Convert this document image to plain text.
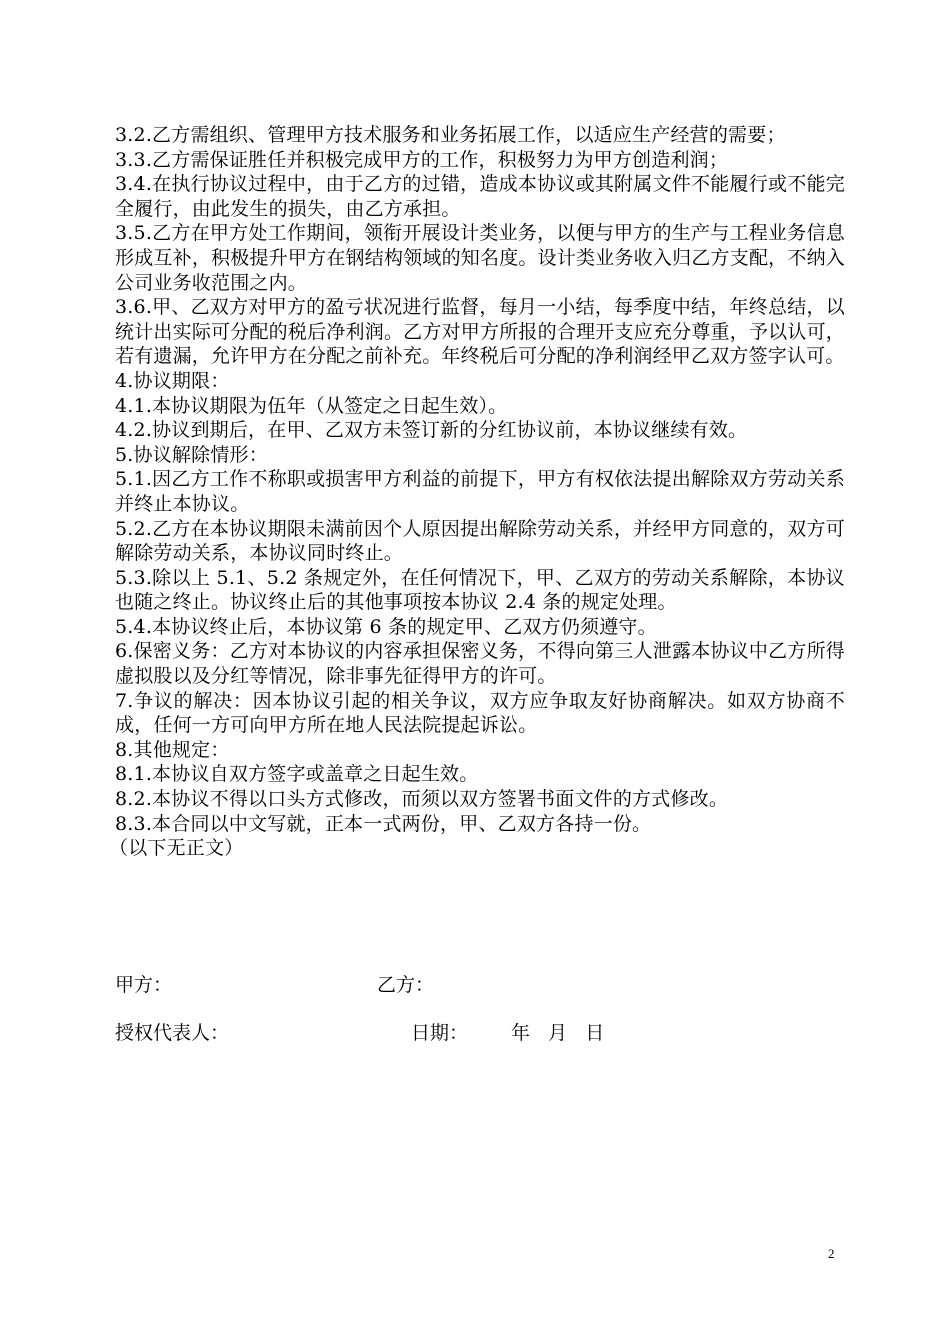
3.2.乙方需组织、管理甲方技术服务和业务拓展工作，以适应生产经营的需要；

3.3.乙方需保证胜任并积极完成甲方的工作，积极努力为甲方创造利润；

3.4.在执行协议过程中，由于乙方的过错，造成本协议或其附属文件不能履行或不能完全履行，由此发生的损失，由乙方承担。

3.5.乙方在甲方处工作期间，领衔开展设计类业务，以便与甲方的生产与工程业务信息形成互补，积极提升甲方在钢结构领域的知名度。设计类业务收入归乙方支配，不纳入公司业务收范围之内。

3.6.甲、乙双方对甲方的盈亏状况进行监督，每月一小结，每季度中结，年终总结，以统计出实际可分配的税后净利润。乙方对甲方所报的合理开支应充分尊重，予以认可，若有遗漏，允许甲方在分配之前补充。年终税后可分配的净利润经甲乙双方签字认可。

4.协议期限：

4.1.本协议期限为伍年（从签定之日起生效）。

4.2.协议到期后，在甲、乙双方未签订新的分红协议前，本协议继续有效。

5.协议解除情形：

5.1.因乙方工作不称职或损害甲方利益的前提下，甲方有权依法提出解除双方劳动关系并终止本协议。

5.2.乙方在本协议期限未满前因个人原因提出解除劳动关系，并经甲方同意的，双方可解除劳动关系，本协议同时终止。

5.3.除以上 5.1、5.2 条规定外，在任何情况下，甲、乙双方的劳动关系解除，本协议也随之终止。协议终止后的其他事项按本协议 2.4 条的规定处理。

5.4.本协议终止后，本协议第 6 条的规定甲、乙双方仍须遵守。

6.保密义务：乙方对本协议的内容承担保密义务，不得向第三人泄露本协议中乙方所得虚拟股以及分红等情况，除非事先征得甲方的许可。

7.争议的解决：因本协议引起的相关争议，双方应争取友好协商解决。如双方协商不成，任何一方可向甲方所在地人民法院提起诉讼。

8.其他规定：

8.1.本协议自双方签字或盖章之日起生效。

8.2.本协议不得以口头方式修改，而须以双方签署书面文件的方式修改。

8.3.本合同以中文写就，正本一式两份，甲、乙双方各持一份。

（以下无正文）

甲方：	乙方：
授权代表人：	日期： 年   月   日
2
